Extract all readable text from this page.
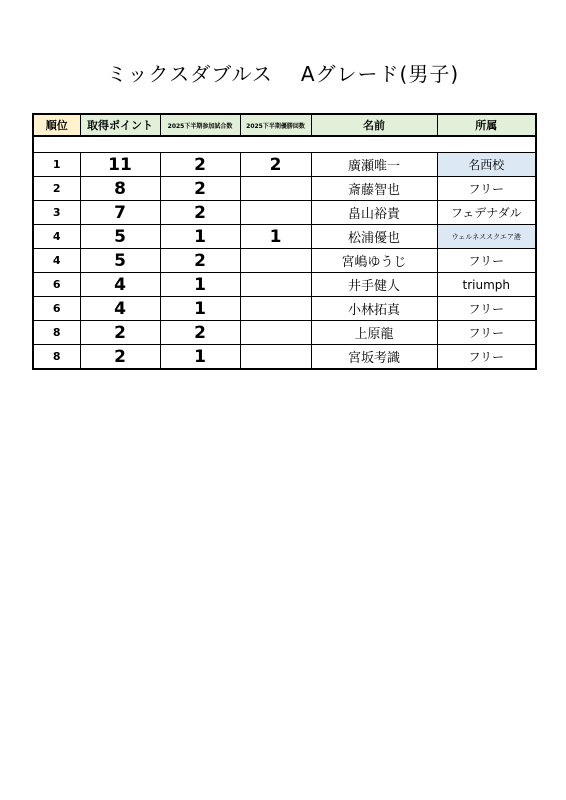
ミックスダブルス Aグレード(男子)

順位	取得ポイント	2025下半期参加試合数	2025下半期優勝回数	名前	所属
1	11	2	2	廣瀬唯一	名西校
2	8	2		斎藤智也	フリー
3	7	2		畠山裕貴	フェデナダル
4	5	1	1	松浦優也	ウェルネススクエア港
4	5	2		宮嶋ゆうじ	フリー
6	4	1		井手健人	triumph
6	4	1		小林拓真	フリー
8	2	2		上原龍	フリー
8	2	1		宮坂考識	フリー
